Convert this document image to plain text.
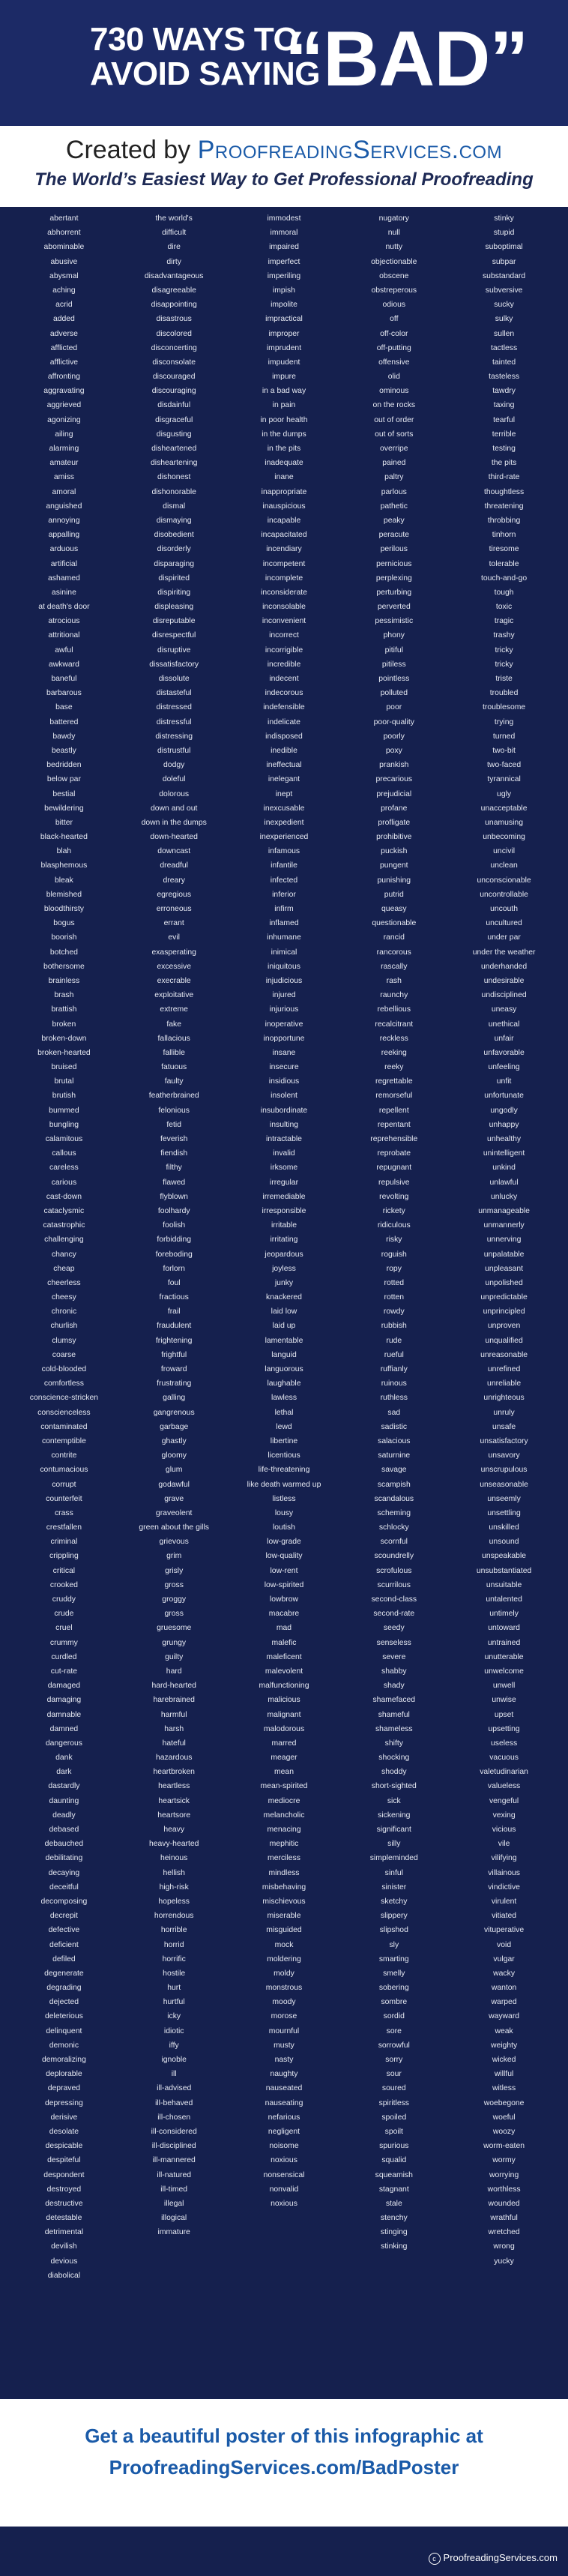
730 WAYS TO
AVOID SAYING
“BAD”
Created by ProofreadingServices.com
The World’s Easiest Way to Get Professional Proofreading
abertant
abhorrent
abominable
abusive
abysmal
aching
acrid
added
adverse
afflicted
afflictive
affronting
aggravating
aggrieved
agonizing
ailing
alarming
amateur
amiss
amoral
anguished
annoying
appalling
arduous
artificial
ashamed
asinine
at death's door
atrocious
attritional
awful
awkward
baneful
barbarous
base
battered
bawdy
beastly
bedridden
below par
bestial
bewildering
bitter
black-hearted
blah
blasphemous
bleak
blemished
bloodthirsty
bogus
boorish
botched
bothersome
brainless
brash
brattish
broken
broken-down
broken-hearted
bruised
brutal
brutish
bummed
bungling
calamitous
callous
careless
carious
cast-down
cataclysmic
catastrophic
challenging
chancy
cheap
cheerless
cheesy
chronic
churlish
clumsy
coarse
cold-blooded
comfortless
conscience-stricken
conscienceless
contaminated
contemptible
contrite
contumacious
corrupt
counterfeit
crass
crestfallen
criminal
crippling
critical
crooked
cruddy
crude
cruel
crummy
curdled
cut-rate
damaged
damaging
damnable
damned
dangerous
dank
dark
dastardly
daunting
deadly
debased
debauched
debilitating
decaying
deceitful
decomposing
decrepit
defective
deficient
defiled
degenerate
degrading
dejected
deleterious
delinquent
demonic
demoralizing
deplorable
depraved
depressing
derisive
desolate
despicable
despiteful
despondent
destroyed
destructive
detestable
detrimental
devilish
devious
diabolical
the world's
difficult
dire
dirty
disadvantageous
disagreeable
disappointing
disastrous
discolored
disconcerting
disconsolate
discouraged
discouraging
disdainful
disgraceful
disgusting
disheartened
disheartening
dishonest
dishonorable
dismal
dismaying
disobedient
disorderly
disparaging
dispirited
dispiriting
displeasing
disreputable
disrespectful
disruptive
dissatisfactory
dissolute
distasteful
distressed
distressful
distressing
distrustful
dodgy
doleful
dolorous
down and out
down in the dumps
down-hearted
downcast
dreadful
dreary
egregious
erroneous
errant
evil
exasperating
excessive
execrable
exploitative
extreme
fake
fallacious
fallible
fatuous
faulty
featherbrained
felonious
fetid
feverish
fiendish
filthy
flawed
flyblown
foolhardy
foolish
forbidding
foreboding
forlorn
foul
fractious
frail
fraudulent
frightening
frightful
froward
frustrating
galling
gangrenous
garbage
ghastly
gloomy
glum
godawful
grave
graveolent
green about the gills
grievous
grim
grisly
gross
groggy
gross
gruesome
grungy
guilty
hard
hard-hearted
harebrained
harmful
harsh
hateful
hazardous
heartbroken
heartless
heartsick
heartsore
heavy
heavy-hearted
heinous
hellish
high-risk
hopeless
horrendous
horrible
horrid
horrific
hostile
hurt
hurtful
icky
idiotic
iffy
ignoble
ill
ill-advised
ill-behaved
ill-chosen
ill-considered
ill-disciplined
ill-mannered
ill-natured
ill-timed
illegal
illogical
immature
immodest
immoral
impaired
imperfect
imperiling
impish
impolite
impractical
improper
imprudent
impudent
impure
in a bad way
in pain
in poor health
in the dumps
in the pits
inadequate
inane
inappropriate
inauspicious
incapable
incapacitated
incendiary
incompetent
incomplete
inconsiderate
inconsolable
inconvenient
incorrect
incorrigible
incredible
indecent
indecorous
indefensible
indelicate
indisposed
inedible
ineffectual
inelegant
inept
inexcusable
inexpedient
inexperienced
infamous
infantile
infected
inferior
infirm
inflamed
inhumane
inimical
iniquitous
injudicious
injured
injurious
inoperative
inopportune
insane
insecure
insidious
insolent
insubordinate
insulting
intractable
invalid
irksome
irregular
irremediable
irresponsible
irritable
irritating
jeopardous
joyless
junky
knackered
laid low
laid up
lamentable
languid
languorous
laughable
lawless
lethal
lewd
libertine
licentious
life-threatening
like death warmed up
listless
lousy
loutish
low-grade
low-quality
low-rent
low-spirited
lowbrow
macabre
mad
malefic
maleficent
malevolent
malfunctioning
malicious
malignant
malodorous
marred
meager
mean
mean-spirited
mediocre
melancholic
menacing
mephitic
merciless
mindless
misbehaving
mischievous
miserable
misguided
mock
moldering
moldy
monstrous
moody
morose
mournful
musty
nasty
naughty
nauseated
nauseating
nefarious
negligent
noisome
noxious
nonsensical
nonvalid
noxious
nugatory
null
nutty
objectionable
obscene
obstreperous
odious
off
off-color
off-putting
offensive
olid
ominous
on the rocks
out of order
out of sorts
overripe
pained
paltry
parlous
pathetic
peaky
peracute
perilous
pernicious
perplexing
perturbing
perverted
pessimistic
phony
pitiful
pitiless
pointless
polluted
poor
poor-quality
poorly
poxy
prankish
precarious
prejudicial
profane
profligate
prohibitive
puckish
pungent
punishing
putrid
queasy
questionable
rancid
rancorous
rascally
rash
raunchy
rebellious
recalcitrant
reckless
reeking
reeky
regrettable
remorseful
repellent
repentant
reprehensible
reprobate
repugnant
repulsive
revolting
rickety
ridiculous
risky
roguish
ropy
rotted
rotten
rowdy
rubbish
rude
rueful
ruffianly
ruinous
ruthless
sad
sadistic
salacious
saturnine
savage
scampish
scandalous
scheming
schlocky
scornful
scoundrelly
scrofulous
scurrilous
second-class
second-rate
seedy
senseless
severe
shabby
shady
shamefaced
shameful
shameless
shifty
shocking
shoddy
short-sighted
sick
sickening
significant
silly
simpleminded
sinful
sinister
sketchy
slippery
slipshod
sly
smarting
smelly
sobering
sombre
sordid
sore
sorrowful
sorry
sour
soured
spiritless
spoiled
spoilt
spurious
squalid
squeamish
stagnant
stale
stenchy
stinging
stinking
stinky
stupid
suboptimal
subpar
substandard
subversive
sucky
sulky
sullen
tactless
tainted
tasteless
tawdry
taxing
tearful
terrible
testing
the pits
third-rate
thoughtless
threatening
throbbing
tinhorn
tiresome
tolerable
touch-and-go
tough
toxic
tragic
trashy
tricky
tricky
triste
troubled
troublesome
trying
turned
two-bit
two-faced
tyrannical
ugly
unacceptable
unamusing
unbecoming
uncivil
unclean
unconscionable
uncontrollable
uncouth
uncultured
under par
under the weather
underhanded
undesirable
undisciplined
uneasy
unethical
unfair
unfavorable
unfeeling
unfit
unfortunate
ungodly
unhappy
unhealthy
unintelligent
unkind
unlawful
unlucky
unmanageable
unmannerly
unnerving
unpalatable
unpleasant
unpolished
unpredictable
unprincipled
unproven
unqualified
unreasonable
unrefined
unreliable
unrighteous
unruly
unsafe
unsatisfactory
unsavory
unscrupulous
unseasonable
unseemly
unsettling
unskilled
unsound
unspeakable
unsubstantiated
unsuitable
untalented
untimely
untoward
untrained
unutterable
unwelcome
unwell
unwise
upset
upsetting
useless
vacuous
valetudinarian
valueless
vengeful
vexing
vicious
vile
vilifying
villainous
vindictive
virulent
vitiated
vituperative
void
vulgar
wacky
wanton
warped
wayward
weak
weighty
wicked
willful
witless
woebegone
woeful
woozy
worm-eaten
wormy
worrying
worthless
wounded
wrathful
wretched
wrong
yucky
Get a beautiful poster of this infographic at
ProofreadingServices.com/BadPoster
c ProofreadingServices.com
